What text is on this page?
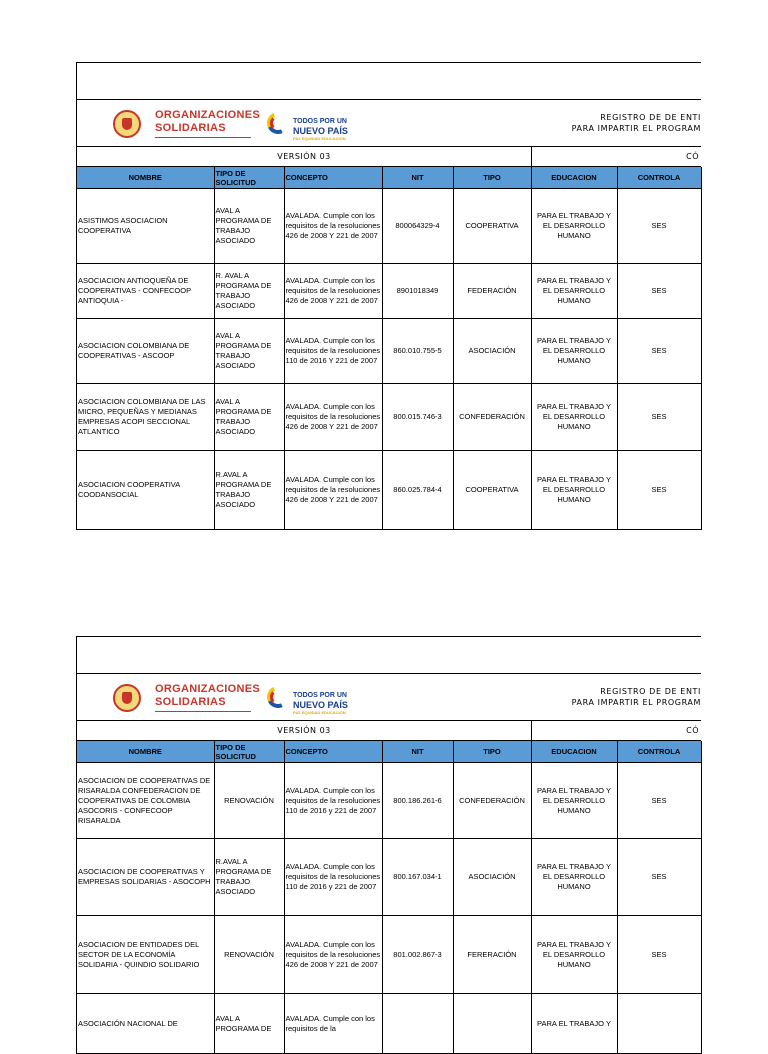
ORGANIZACIONES
SOLIDARIAS
TODOS POR UN
NUEVO PAÍS
PAZ EQUIDAD EDUCACIÓN
REGISTRO DE DE ENTI
PARA IMPARTIR EL PROGRAM
VERSIÓN 03	CÓ
NOMBRE	TIPO DE SOLICITUD	CONCEPTO	NIT	TIPO	EDUCACION	CONTROLA
ASISTIMOS ASOCIACION COOPERATIVA	AVAL A PROGRAMA DE TRABAJO ASOCIADO	AVALADA. Cumple con los requisitos de la resoluciones 426 de 2008 Y 221 de 2007	800064329-4	COOPERATIVA	PARA EL TRABAJO Y EL DESARROLLO HUMANO	SES
ASOCIACION ANTIOQUEÑA DE COOPERATIVAS - CONFECOOP ANTIOQUIA -	R. AVAL A PROGRAMA DE TRABAJO ASOCIADO	AVALADA. Cumple con los requisitos de la resoluciones 426 de 2008 Y 221 de 2007	8901018349	FEDERACIÓN	PARA EL TRABAJO Y EL DESARROLLO HUMANO	SES
ASOCIACION COLOMBIANA DE COOPERATIVAS - ASCOOP	AVAL A PROGRAMA DE TRABAJO ASOCIADO	AVALADA. Cumple con los requisitos de la resoluciones 110 de 2016 Y 221 de 2007	860.010.755-5	ASOCIACIÓN	PARA EL TRABAJO Y EL DESARROLLO HUMANO	SES
ASOCIACION COLOMBIANA DE LAS MICRO, PEQUEÑAS Y MEDIANAS EMPRESAS ACOPI SECCIONAL ATLANTICO	AVAL A PROGRAMA DE TRABAJO ASOCIADO	AVALADA. Cumple con los requisitos de la resoluciones 426 de 2008 Y 221 de 2007	800.015.746-3	CONFEDERACIÓN	PARA EL TRABAJO Y EL DESARROLLO HUMANO	SES
ASOCIACION COOPERATIVA COODANSOCIAL	R.AVAL A PROGRAMA DE TRABAJO ASOCIADO	AVALADA. Cumple con los requisitos de la resoluciones 426 de 2008 Y 221 de 2007	860.025.784-4	COOPERATIVA	PARA EL TRABAJO Y EL DESARROLLO HUMANO	SES
ORGANIZACIONES
SOLIDARIAS
TODOS POR UN
NUEVO PAÍS
PAZ EQUIDAD EDUCACIÓN
REGISTRO DE DE ENTI
PARA IMPARTIR EL PROGRAM
VERSIÓN 03	CÓ
NOMBRE	TIPO DE SOLICITUD	CONCEPTO	NIT	TIPO	EDUCACION	CONTROLA
ASOCIACION DE COOPERATIVAS DE RISARALDA CONFEDERACION DE COOPERATIVAS DE COLOMBIA ASOCORIS - CONFECOOP RISARALDA	RENOVACIÓN	AVALADA. Cumple con los requisitos de la resoluciones 110 de 2016 y 221 de 2007	800.186.261-6	CONFEDERACIÓN	PARA EL TRABAJO Y EL DESARROLLO HUMANO	SES
ASOCIACION DE COOPERATIVAS Y EMPRESAS SOLIDARIAS - ASOCOPH	R.AVAL A PROGRAMA DE TRABAJO ASOCIADO	AVALADA. Cumple con los requisitos de la resoluciones 110 de 2016 y 221 de 2007	800.167.034-1	ASOCIACIÓN	PARA EL TRABAJO Y EL DESARROLLO HUMANO	SES
ASOCIACION DE ENTIDADES DEL SECTOR DE LA ECONOMÍA SOLIDARIA - QUINDIO SOLIDARIO	RENOVACIÓN	AVALADA. Cumple con los requisitos de la resoluciones 426 de 2008 Y 221 de 2007	801.002.867-3	FERERACIÓN	PARA EL TRABAJO Y EL DESARROLLO HUMANO	SES
ASOCIACIÓN NACIONAL DE	AVAL A PROGRAMA DE	AVALADA. Cumple con los requisitos de la			PARA EL TRABAJO Y	
